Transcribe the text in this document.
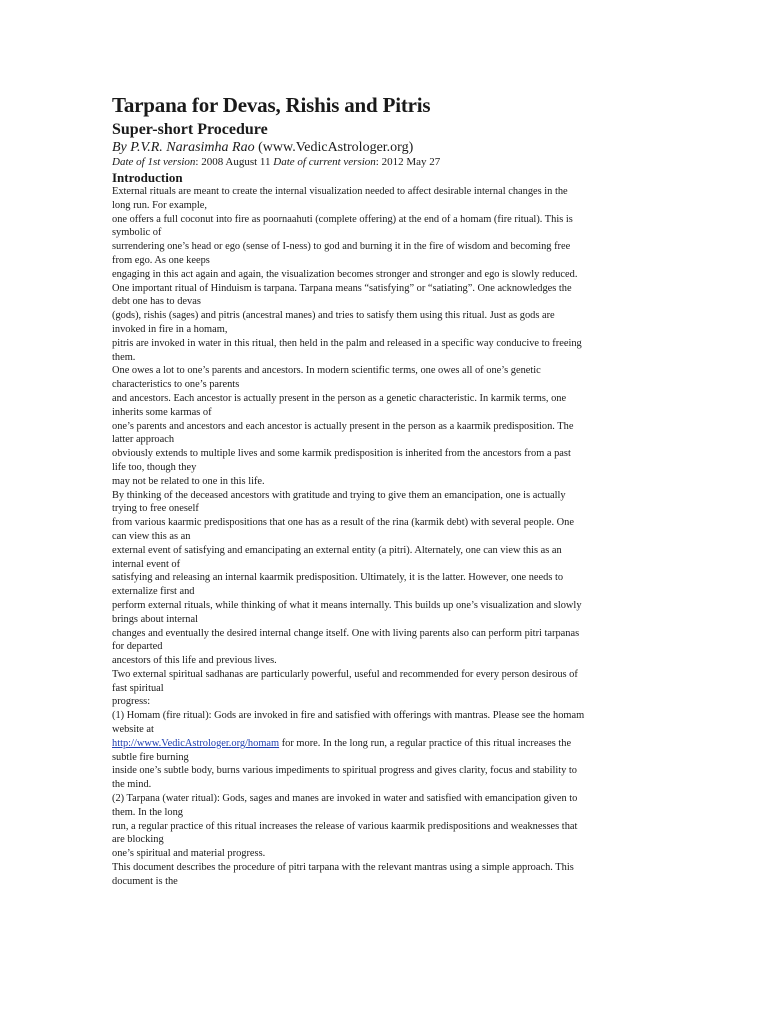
Tarpana for Devas, Rishis and Pitris
Super-short Procedure

By P.V.R. Narasimha Rao (www.VedicAstrologer.org)

Date of 1st version: 2008 August 11 Date of current version: 2012 May 27

Introduction
External rituals are meant to create the internal visualization needed to affect desirable internal changes in the
long run. For example,
one offers a full coconut into fire as poornaahuti (complete offering) at the end of a homam (fire ritual). This is
symbolic of
surrendering one’s head or ego (sense of I-ness) to god and burning it in the fire of wisdom and becoming free
from ego. As one keeps
engaging in this act again and again, the visualization becomes stronger and stronger and ego is slowly reduced.
One important ritual of Hinduism is tarpana. Tarpana means “satisfying” or “satiating”. One acknowledges the
debt one has to devas
(gods), rishis (sages) and pitris (ancestral manes) and tries to satisfy them using this ritual. Just as gods are
invoked in fire in a homam,
pitris are invoked in water in this ritual, then held in the palm and released in a specific way conducive to freeing
them.
One owes a lot to one’s parents and ancestors. In modern scientific terms, one owes all of one’s genetic
characteristics to one’s parents
and ancestors. Each ancestor is actually present in the person as a genetic characteristic. In karmik terms, one
inherits some karmas of
one’s parents and ancestors and each ancestor is actually present in the person as a kaarmik predisposition. The
latter approach
obviously extends to multiple lives and some karmik predisposition is inherited from the ancestors from a past
life too, though they
may not be related to one in this life.
By thinking of the deceased ancestors with gratitude and trying to give them an emancipation, one is actually
trying to free oneself
from various kaarmic predispositions that one has as a result of the rina (karmik debt) with several people. One
can view this as an
external event of satisfying and emancipating an external entity (a pitri). Alternately, one can view this as an
internal event of
satisfying and releasing an internal kaarmik predisposition. Ultimately, it is the latter. However, one needs to
externalize first and
perform external rituals, while thinking of what it means internally. This builds up one’s visualization and slowly
brings about internal
changes and eventually the desired internal change itself. One with living parents also can perform pitri tarpanas
for departed
ancestors of this life and previous lives.
Two external spiritual sadhanas are particularly powerful, useful and recommended for every person desirous of
fast spiritual
progress:
(1) Homam (fire ritual): Gods are invoked in fire and satisfied with offerings with mantras. Please see the homam
website at
http://www.VedicAstrologer.org/homam for more. In the long run, a regular practice of this ritual increases the
subtle fire burning
inside one’s subtle body, burns various impediments to spiritual progress and gives clarity, focus and stability to
the mind.
(2) Tarpana (water ritual): Gods, sages and manes are invoked in water and satisfied with emancipation given to
them. In the long
run, a regular practice of this ritual increases the release of various kaarmik predispositions and weaknesses that
are blocking
one’s spiritual and material progress.
This document describes the procedure of pitri tarpana with the relevant mantras using a simple approach. This
document is the
